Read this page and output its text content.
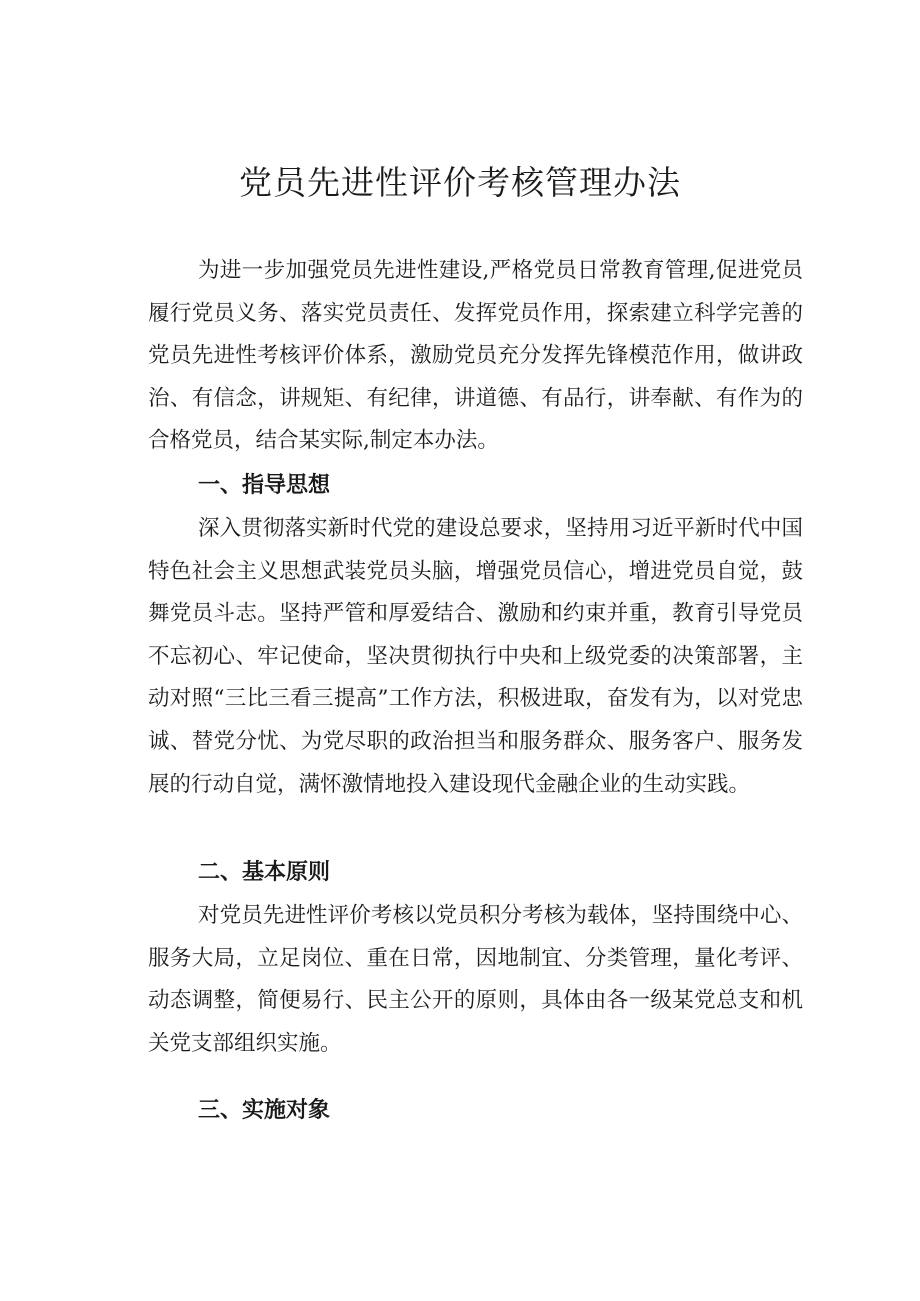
党员先进性评价考核管理办法

为进一步加强党员先进性建设,严格党员日常教育管理,促进党员履行党员义务、落实党员责任、发挥党员作用，探索建立科学完善的党员先进性考核评价体系，激励党员充分发挥先锋模范作用，做讲政治、有信念，讲规矩、有纪律，讲道德、有品行，讲奉献、有作为的合格党员，结合某实际,制定本办法。

一、指导思想

深入贯彻落实新时代党的建设总要求，坚持用习近平新时代中国特色社会主义思想武装党员头脑，增强党员信心，增进党员自觉，鼓舞党员斗志。坚持严管和厚爱结合、激励和约束并重，教育引导党员不忘初心、牢记使命，坚决贯彻执行中央和上级党委的决策部署，主动对照“三比三看三提高”工作方法，积极进取，奋发有为，以对党忠诚、替党分忧、为党尽职的政治担当和服务群众、服务客户、服务发展的行动自觉，满怀激情地投入建设现代金融企业的生动实践。

二、基本原则

对党员先进性评价考核以党员积分考核为载体，坚持围绕中心、服务大局，立足岗位、重在日常，因地制宜、分类管理，量化考评、动态调整，简便易行、民主公开的原则，具体由各一级某党总支和机关党支部组织实施。

三、实施对象
